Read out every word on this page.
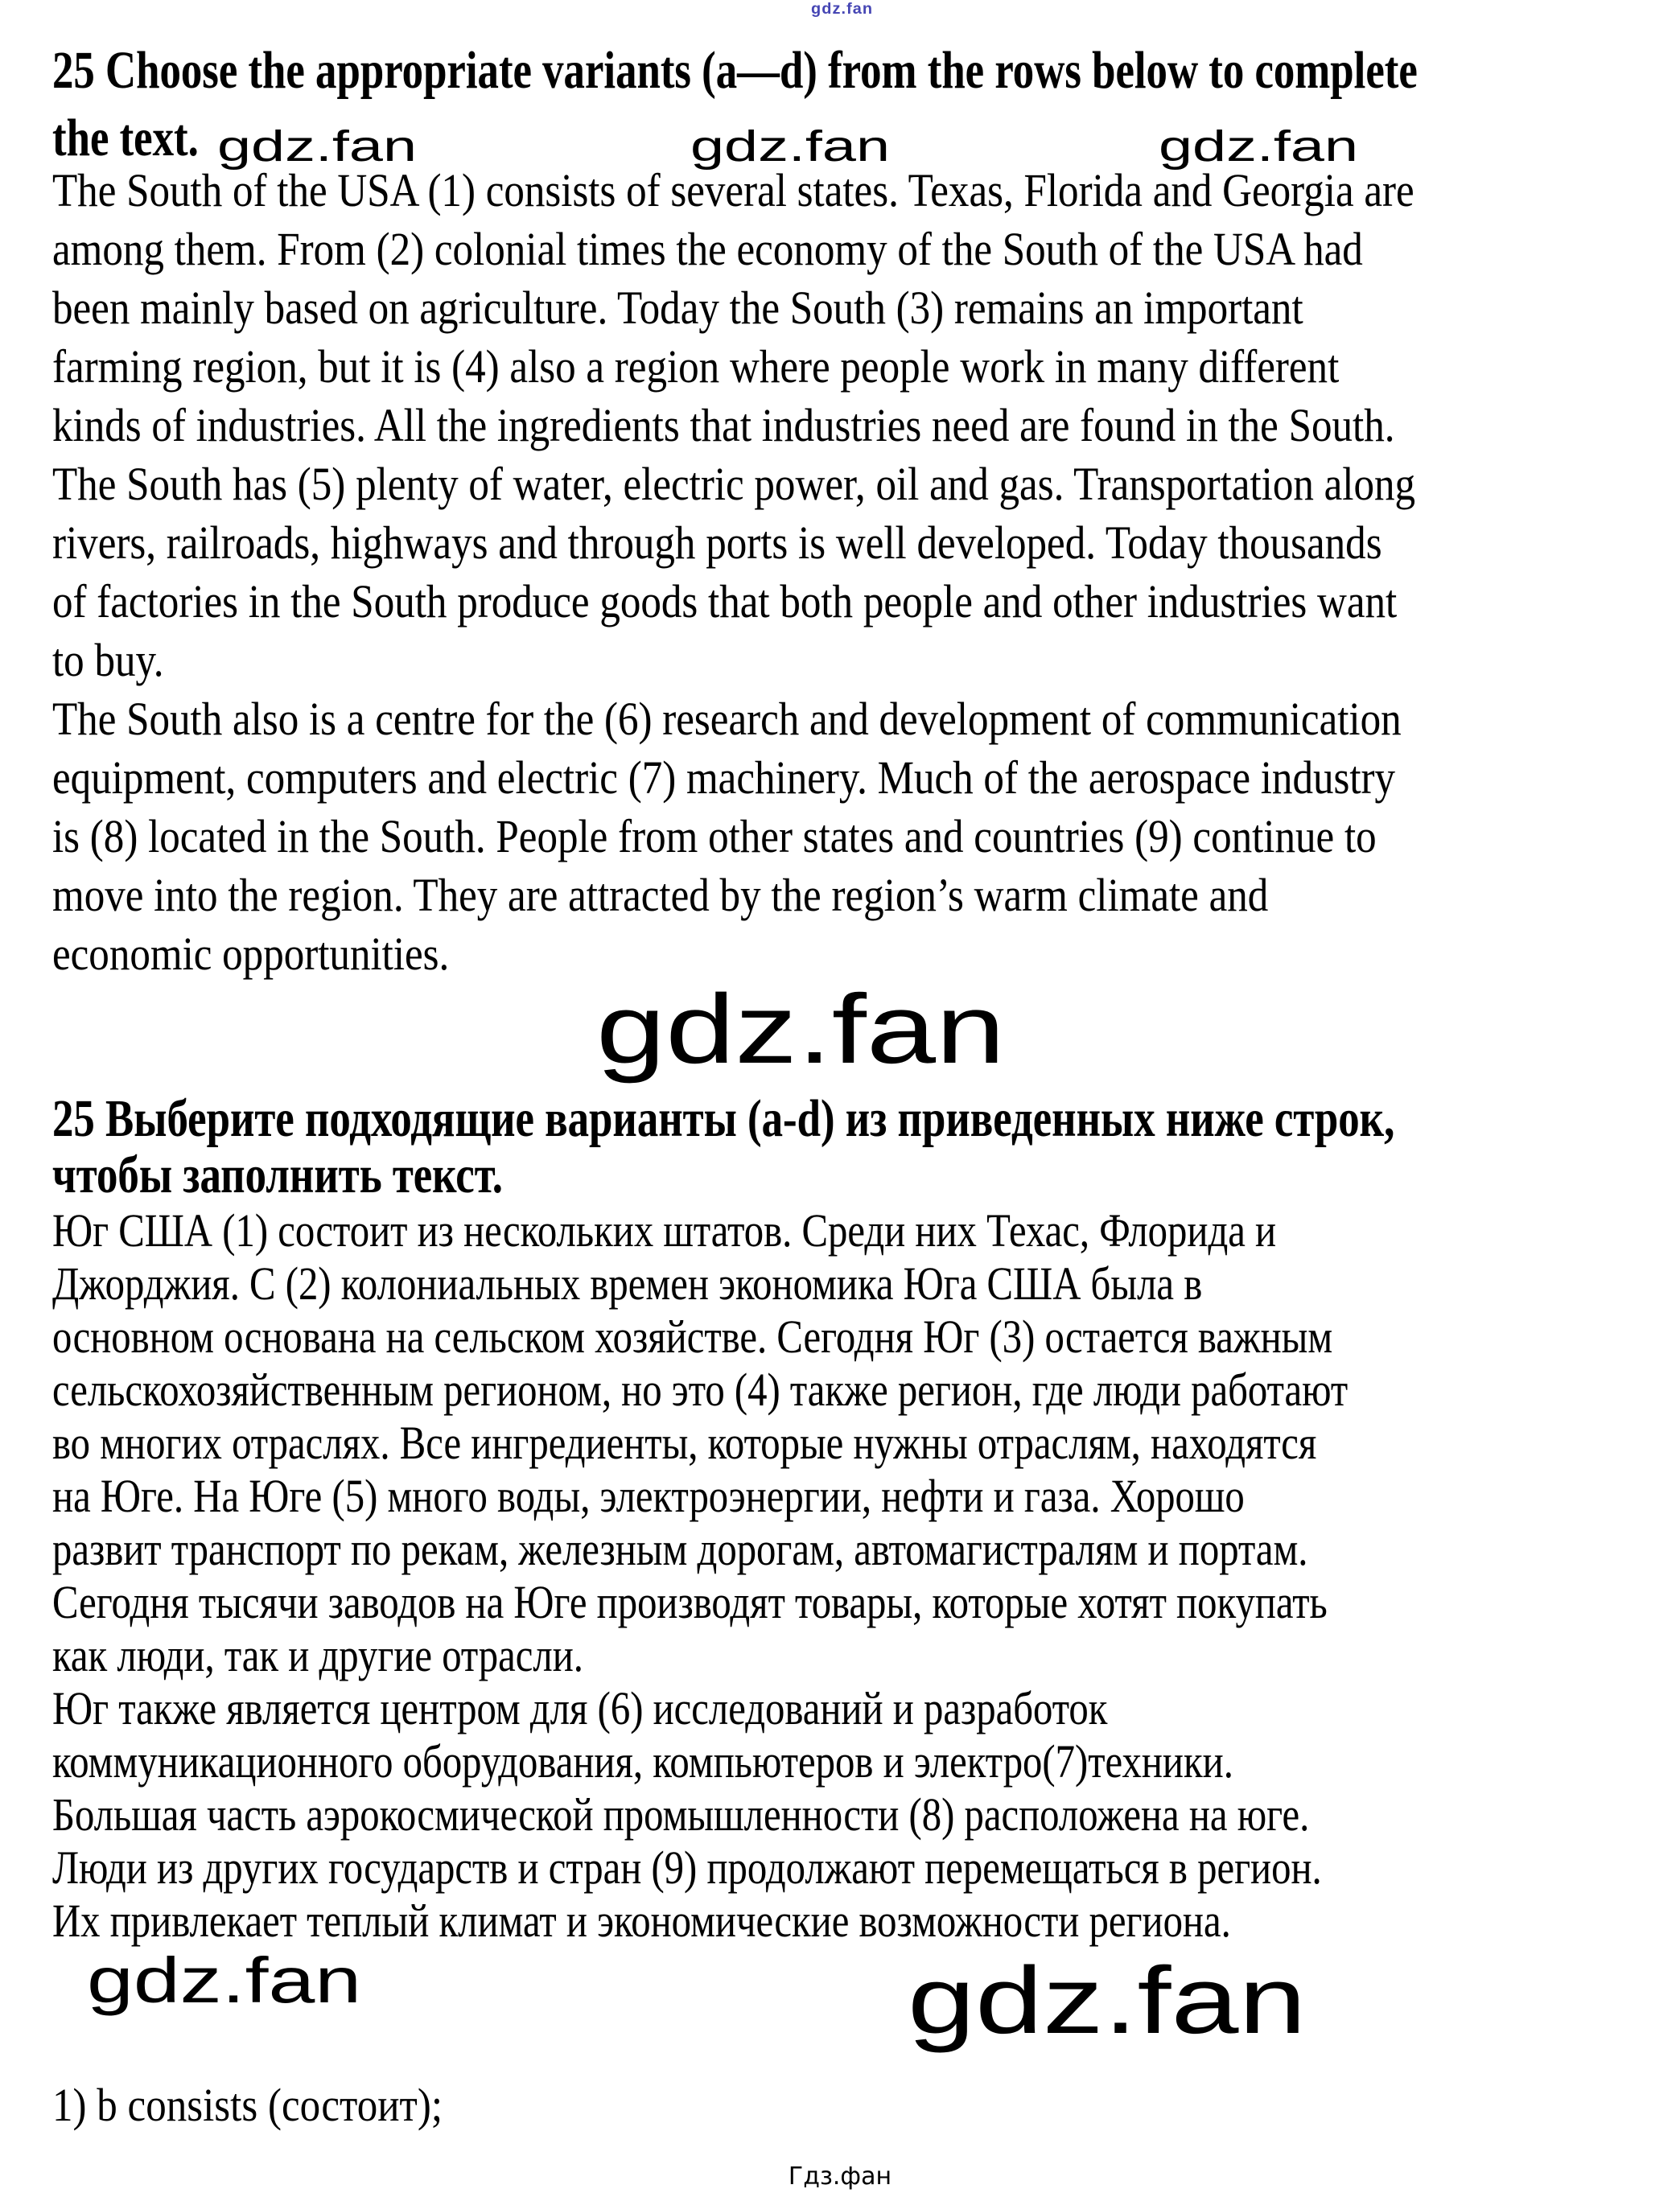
gdz.fan
25 Choose the appropriate variants (a—d) from the rows below to complete
the text. gdz.fan	gdz.fan	gdz.fan
The South of the USA (1) consists of several states. Texas, Florida and Georgia are
among them. From (2) colonial times the economy of the South of the USA had
been mainly based on agriculture. Today the South (3) remains an important
farming region, but it is (4) also a region where people work in many different
kinds of industries. All the ingredients that industries need are found in the South.
The South has (5) plenty of water, electric power, oil and gas. Transportation along
rivers, railroads, highways and through ports is well developed. Today thousands
of factories in the South produce goods that both people and other industries want
to buy.
The South also is a centre for the (6) research and development of communication
equipment, computers and electric (7) machinery. Much of the aerospace industry
is (8) located in the South. People from other states and countries (9) continue to
move into the region. They are attracted by the region’s warm climate and
economic opportunities.
gdz.fan
25 Выберите подходящие варианты (a-d) из приведенных ниже строк,
чтобы заполнить текст.
Юг США (1) состоит из нескольких штатов. Среди них Техас, Флорида и
Джорджия. С (2) колониальных времен экономика Юга США была в
основном основана на сельском хозяйстве. Сегодня Юг (3) остается важным
сельскохозяйственным регионом, но это (4) также регион, где люди работают
во многих отраслях. Все ингредиенты, которые нужны отраслям, находятся
на Юге. На Юге (5) много воды, электроэнергии, нефти и газа. Хорошо
развит транспорт по рекам, железным дорогам, автомагистралям и портам.
Сегодня тысячи заводов на Юге производят товары, которые хотят покупать
как люди, так и другие отрасли.
Юг также является центром для (6) исследований и разработок
коммуникационного оборудования, компьютеров и электро(7)техники.
Большая часть аэрокосмической промышленности (8) расположена на юге.
Люди из других государств и стран (9) продолжают перемещаться в регион.
Их привлекает теплый климат и экономические возможности региона.
gdz.fan	gdz.fan
1) b consists (состоит);
Гдз.фан
